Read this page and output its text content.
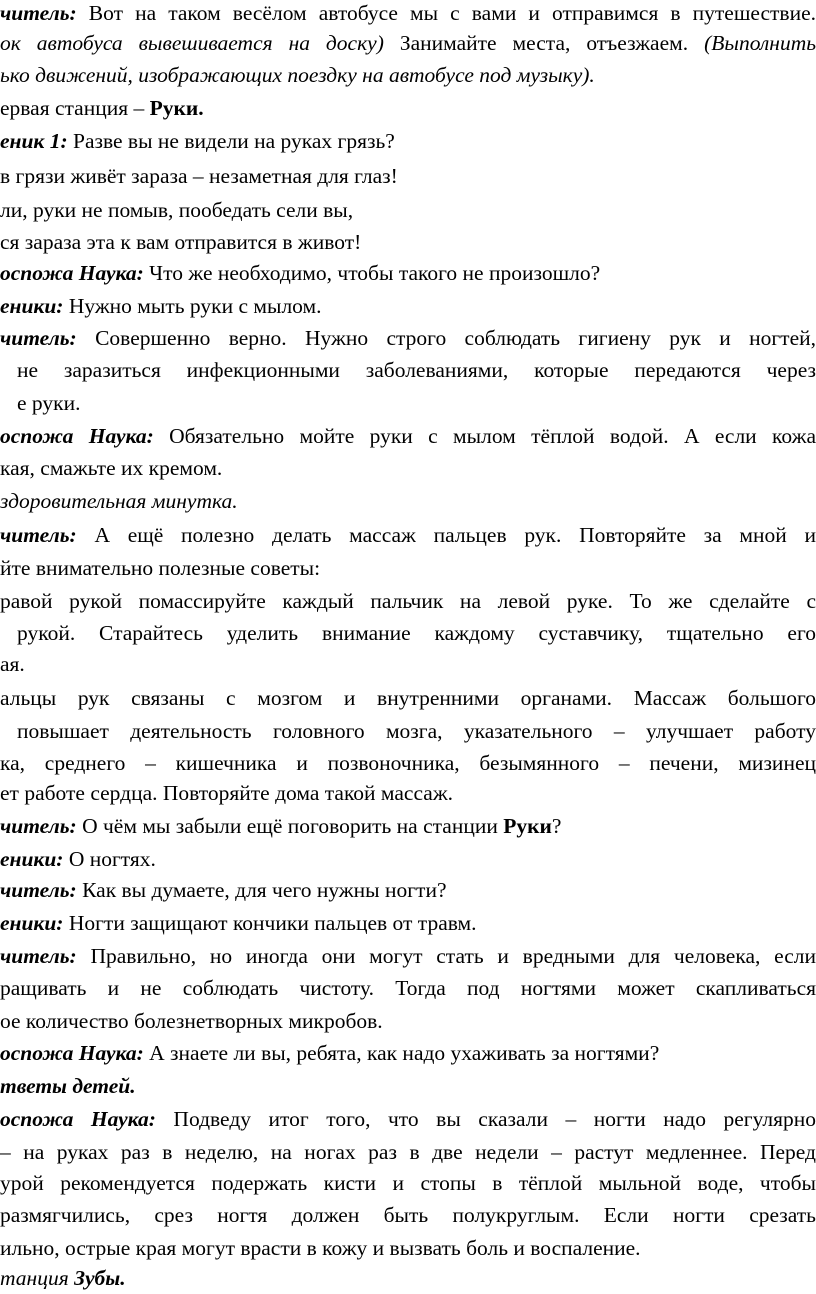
читель: Вот на таком весёлом автобусе мы с вами и отправимся в путешествие.
ок автобуса вывешивается на доску) Занимайте места, отъезжаем. (Выполнить
ько движений, изображающих поездку на автобусе под музыку).
ервая станция – Руки.
еник 1: Разве вы не видели на руках грязь?
в грязи живёт зараза – незаметная для глаз!
ли, руки не помыв, пообедать сели вы,
ся зараза эта к вам отправится в живот!
оспожа Наука: Что же необходимо, чтобы такого не произошло?
еники: Нужно мыть руки с мылом.
читель: Совершенно верно. Нужно строго соблюдать гигиену рук и ногтей,
не заразиться инфекционными заболеваниями, которые передаются через
е руки.
оспожа Наука: Обязательно мойте руки с мылом тёплой водой. А если кожа
кая, смажьте их кремом.
здоровительная минутка.
читель: А ещё полезно делать массаж пальцев рук. Повторяйте за мной и
йте внимательно полезные советы:
равой рукой помассируйте каждый пальчик на левой руке. То же сделайте с
рукой. Старайтесь уделить внимание каждому суставчику, тщательно его
ая.
альцы рук связаны с мозгом и внутренними органами. Массаж большого
повышает деятельность головного мозга, указательного – улучшает работу
ка, среднего – кишечника и позвоночника, безымянного – печени, мизинец
ет работе сердца. Повторяйте дома такой массаж.
читель: О чём мы забыли ещё поговорить на станции Руки?
еники: О ногтях.
читель: Как вы думаете, для чего нужны ногти?
еники: Ногти защищают кончики пальцев от травм.
читель: Правильно, но иногда они могут стать и вредными для человека, если
ращивать и не соблюдать чистоту. Тогда под ногтями может скапливаться
ое количество болезнетворных микробов.
оспожа Наука: А знаете ли вы, ребята, как надо ухаживать за ногтями?
тветы детей.
оспожа Наука: Подведу итог того, что вы сказали – ногти надо регулярно
– на руках раз в неделю, на ногах раз в две недели – растут медленнее. Перед
урой рекомендуется подержать кисти и стопы в тёплой мыльной воде, чтобы
размягчились, срез ногтя должен быть полукруглым. Если ногти срезать
ильно, острые края могут врасти в кожу и вызвать боль и воспаление.
танция Зубы.
